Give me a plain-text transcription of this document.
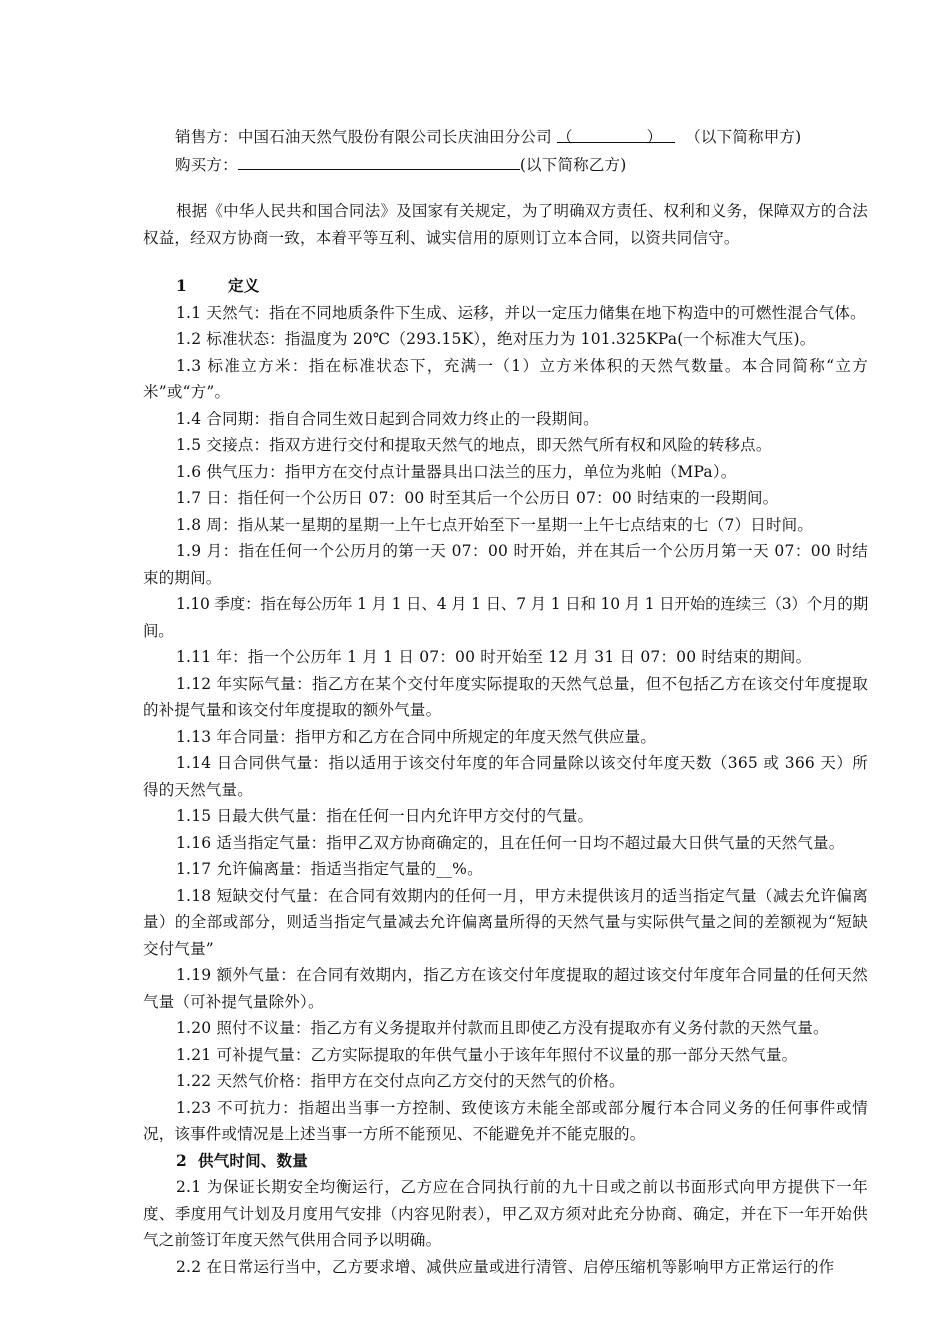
销售方：中国石油天然气股份有限公司长庆油田分公司 （	） （以下简称甲方)
购买方：	(以下简称乙方)
根据《中华人民共和国合同法》及国家有关规定，为了明确双方责任、权利和义务，保障双方的合法权益，经双方协商一致，本着平等互利、诚实信用的原则订立本合同，以资共同信守。
1	定义
1.1 天然气：指在不同地质条件下生成、运移，并以一定压力储集在地下构造中的可燃性混合气体。
1.2 标准状态：指温度为 20℃（293.15K），绝对压力为 101.325KPa(一个标准大气压)。
1.3 标准立方米：指在标准状态下，充满一（1）立方米体积的天然气数量。本合同简称“立方米”或“方”。
1.4 合同期：指自合同生效日起到合同效力终止的一段期间。
1.5 交接点：指双方进行交付和提取天然气的地点，即天然气所有权和风险的转移点。
1.6 供气压力：指甲方在交付点计量器具出口法兰的压力，单位为兆帕（MPa）。
1.7 日：指任何一个公历日 07：00 时至其后一个公历日 07：00 时结束的一段期间。
1.8 周：指从某一星期的星期一上午七点开始至下一星期一上午七点结束的七（7）日时间。
1.9 月：指在任何一个公历月的第一天 07：00 时开始，并在其后一个公历月第一天 07：00 时结束的期间。
1.10 季度：指在每公历年 1 月 1 日、4 月 1 日、7 月 1 日和 10 月 1 日开始的连续三（3）个月的期间。
1.11 年：指一个公历年 1 月 1 日 07：00 时开始至 12 月 31 日 07：00 时结束的期间。
1.12 年实际气量：指乙方在某个交付年度实际提取的天然气总量，但不包括乙方在该交付年度提取的补提气量和该交付年度提取的额外气量。
1.13 年合同量：指甲方和乙方在合同中所规定的年度天然气供应量。
1.14 日合同供气量：指以适用于该交付年度的年合同量除以该交付年度天数（365 或 366 天）所得的天然气量。
1.15 日最大供气量：指在任何一日内允许甲方交付的气量。
1.16 适当指定气量：指甲乙双方协商确定的，且在任何一日均不超过最大日供气量的天然气量。
1.17 允许偏离量：指适当指定气量的__%。
1.18 短缺交付气量：在合同有效期内的任何一月，甲方未提供该月的适当指定气量（减去允许偏离量）的全部或部分，则适当指定气量减去允许偏离量所得的天然气量与实际供气量之间的差额视为“短缺交付气量”
1.19 额外气量：在合同有效期内，指乙方在该交付年度提取的超过该交付年度年合同量的任何天然气量（可补提气量除外）。
1.20 照付不议量：指乙方有义务提取并付款而且即使乙方没有提取亦有义务付款的天然气量。
1.21 可补提气量：乙方实际提取的年供气量小于该年年照付不议量的那一部分天然气量。
1.22 天然气价格：指甲方在交付点向乙方交付的天然气的价格。
1.23 不可抗力：指超出当事一方控制、致使该方未能全部或部分履行本合同义务的任何事件或情况，该事件或情况是上述当事一方所不能预见、不能避免并不能克服的。
2 供气时间、数量
2.1 为保证长期安全均衡运行，乙方应在合同执行前的九十日或之前以书面形式向甲方提供下一年度、季度用气计划及月度用气安排（内容见附表），甲乙双方须对此充分协商、确定，并在下一年开始供气之前签订年度天然气供用合同予以明确。
2.2 在日常运行当中，乙方要求增、减供应量或进行清管、启停压缩机等影响甲方正常运行的作
